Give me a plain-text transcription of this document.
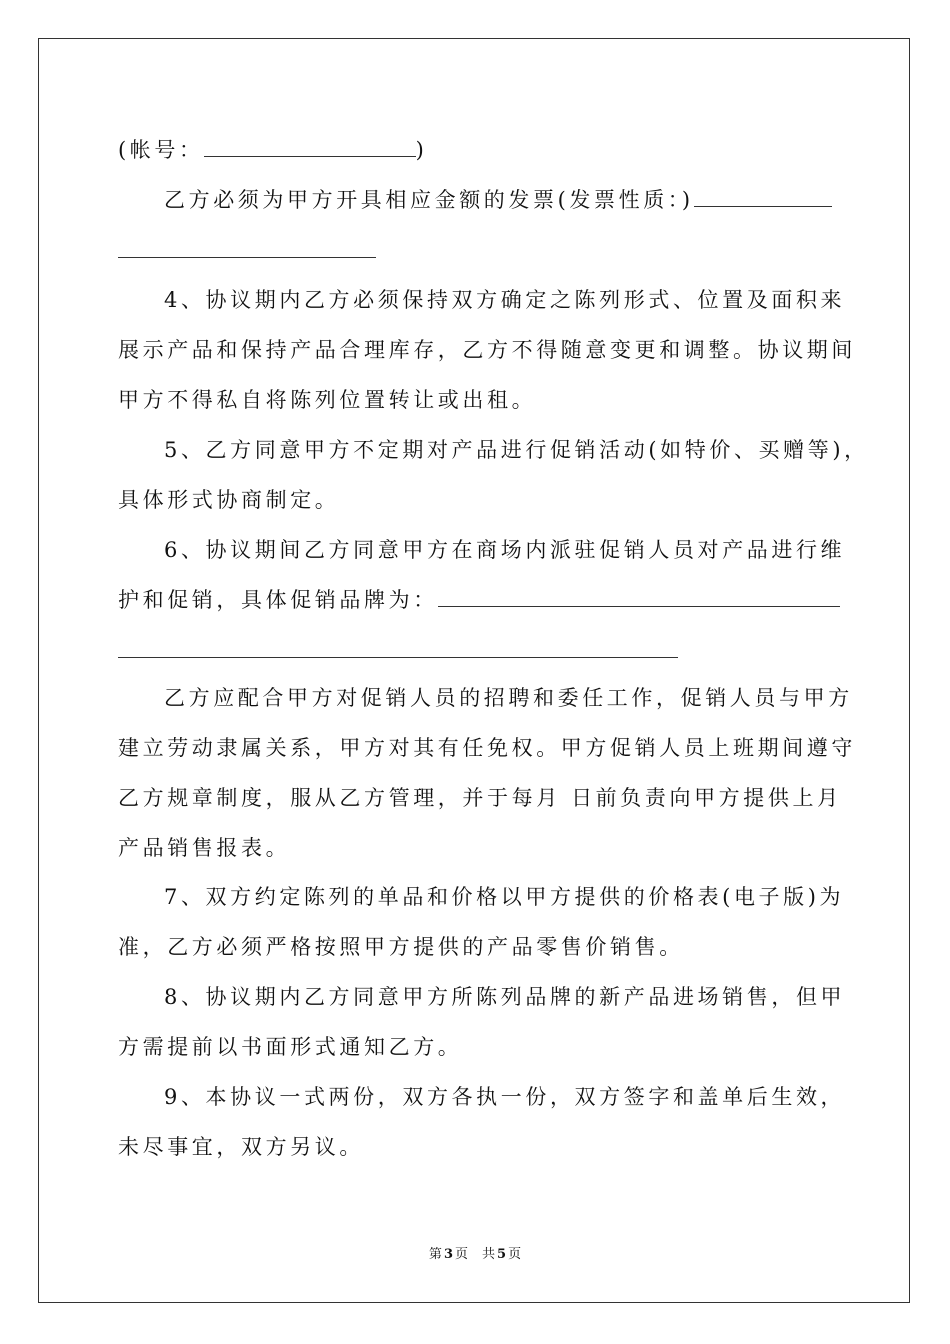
(帐号：	)
乙方必须为甲方开具相应金额的发票(发票性质：)
4、协议期内乙方必须保持双方确定之陈列形式、位置及面积来
展示产品和保持产品合理库存，乙方不得随意变更和调整。协议期间
甲方不得私自将陈列位置转让或出租。
5、乙方同意甲方不定期对产品进行促销活动(如特价、买赠等)，
具体形式协商制定。
6、协议期间乙方同意甲方在商场内派驻促销人员对产品进行维
护和促销，具体促销品牌为：
乙方应配合甲方对促销人员的招聘和委任工作，促销人员与甲方
建立劳动隶属关系，甲方对其有任免权。甲方促销人员上班期间遵守
乙方规章制度，服从乙方管理，并于每月 日前负责向甲方提供上月
产品销售报表。
7、双方约定陈列的单品和价格以甲方提供的价格表(电子版)为
准，乙方必须严格按照甲方提供的产品零售价销售。
8、协议期内乙方同意甲方所陈列品牌的新产品进场销售，但甲
方需提前以书面形式通知乙方。
9、本协议一式两份，双方各执一份，双方签字和盖单后生效，
未尽事宜，双方另议。
第 3 页 共 5 页
